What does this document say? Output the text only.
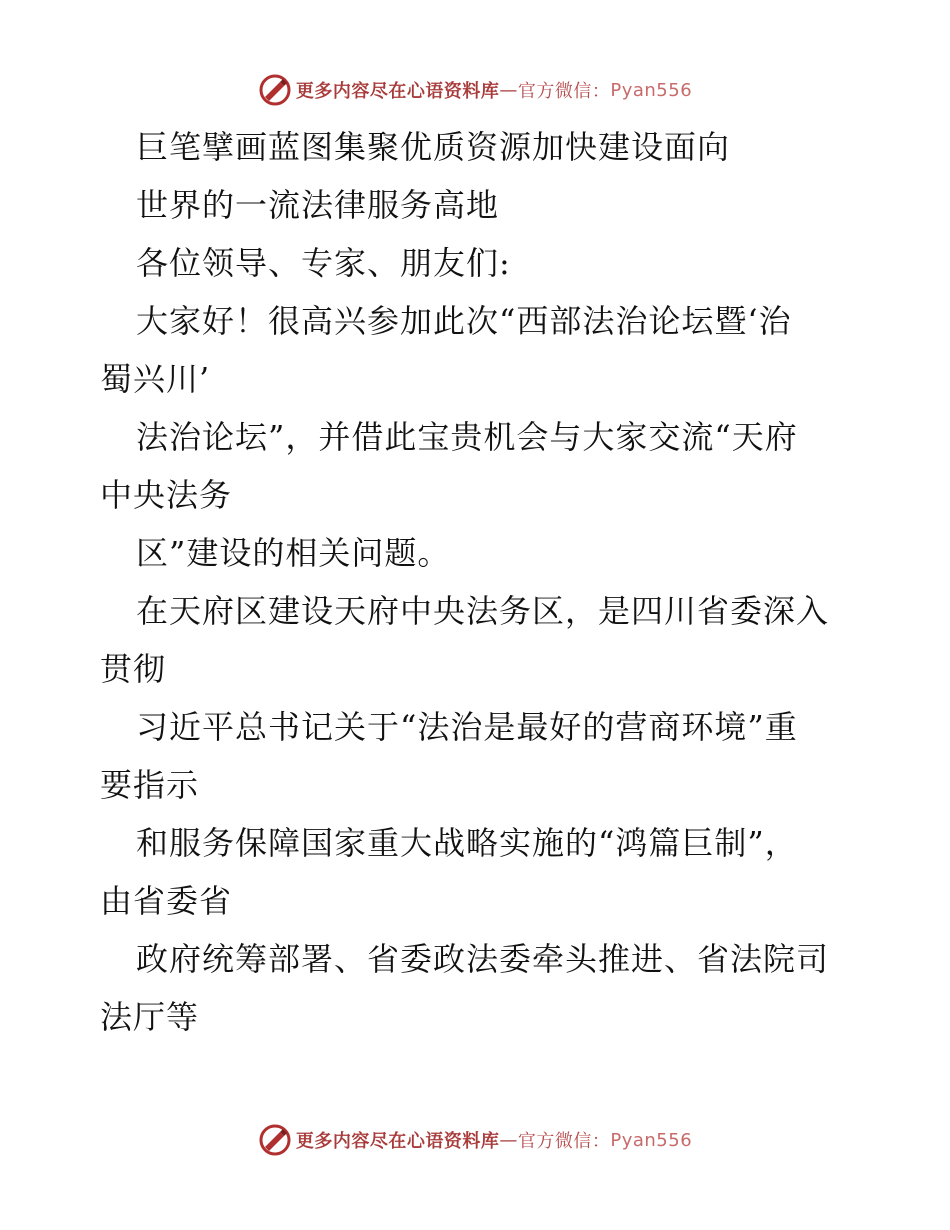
更多内容尽在心语资料库 — 官方微信： Pyan556
巨笔擘画蓝图集聚优质资源加快建设面向
世界的一流法律服务高地
各位领导、专家、朋友们:
大家好！很高兴参加此次“西部法治论坛暨‘治
蜀兴川’
法治论坛”，并借此宝贵机会与大家交流“天府
中央法务
区”建设的相关问题。
在天府区建设天府中央法务区，是四川省委深入
贯彻
习近平总书记关于“法治是最好的营商环境”重
要指示
和服务保障国家重大战略实施的“鸿篇巨制”，
由省委省
政府统筹部署、省委政法委牵头推进、省法院司
法厅等
更多内容尽在心语资料库 — 官方微信： Pyan556
